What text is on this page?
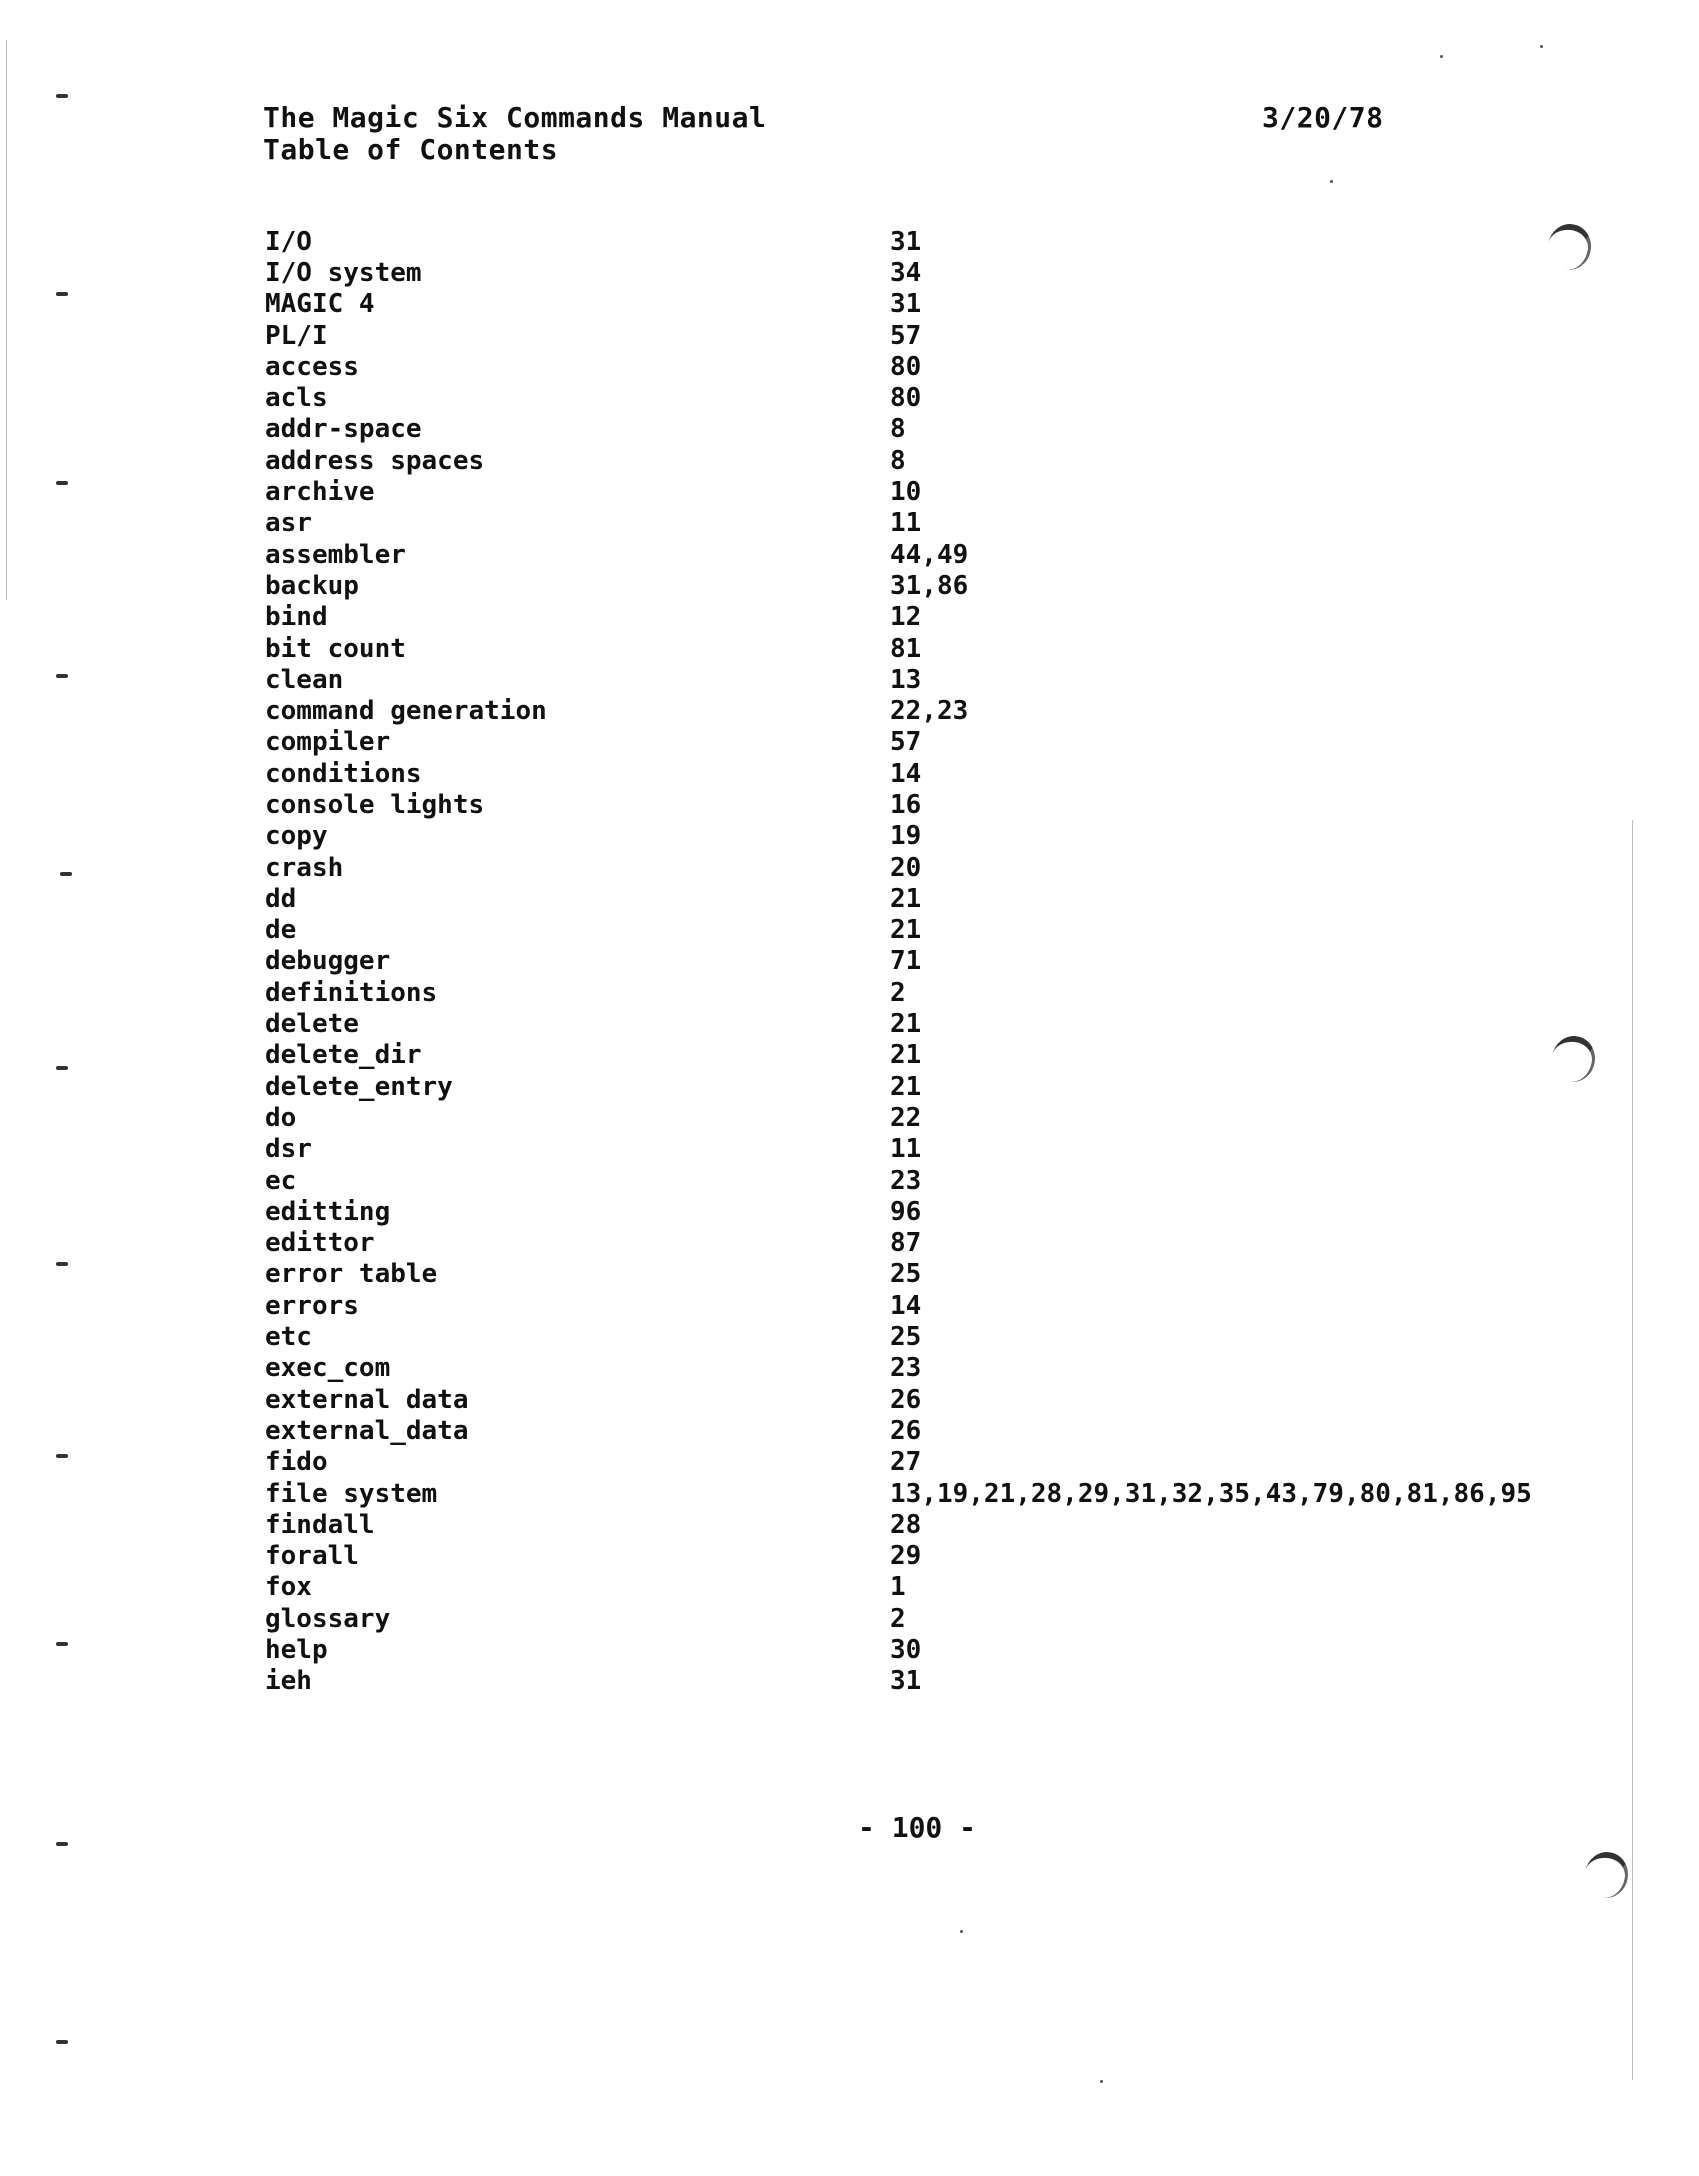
The Magic Six Commands Manual
Table of Contents
3/20/78
I/O	31
I/O system	34
MAGIC 4	31
PL/I	57
access	80
acls	80
addr-space	8
address spaces	8
archive	10
asr	11
assembler	44,49
backup	31,86
bind	12
bit count	81
clean	13
command generation	22,23
compiler	57
conditions	14
console lights	16
copy	19
crash	20
dd	21
de	21
debugger	71
definitions	2
delete	21
delete_dir	21
delete_entry	21
do	22
dsr	11
ec	23
editting	96
edittor	87
error table	25
errors	14
etc	25
exec_com	23
external data	26
external_data	26
fido	27
file system	13,19,21,28,29,31,32,35,43,79,80,81,86,95
findall	28
forall	29
fox	1
glossary	2
help	30
ieh	31
- 100 -
